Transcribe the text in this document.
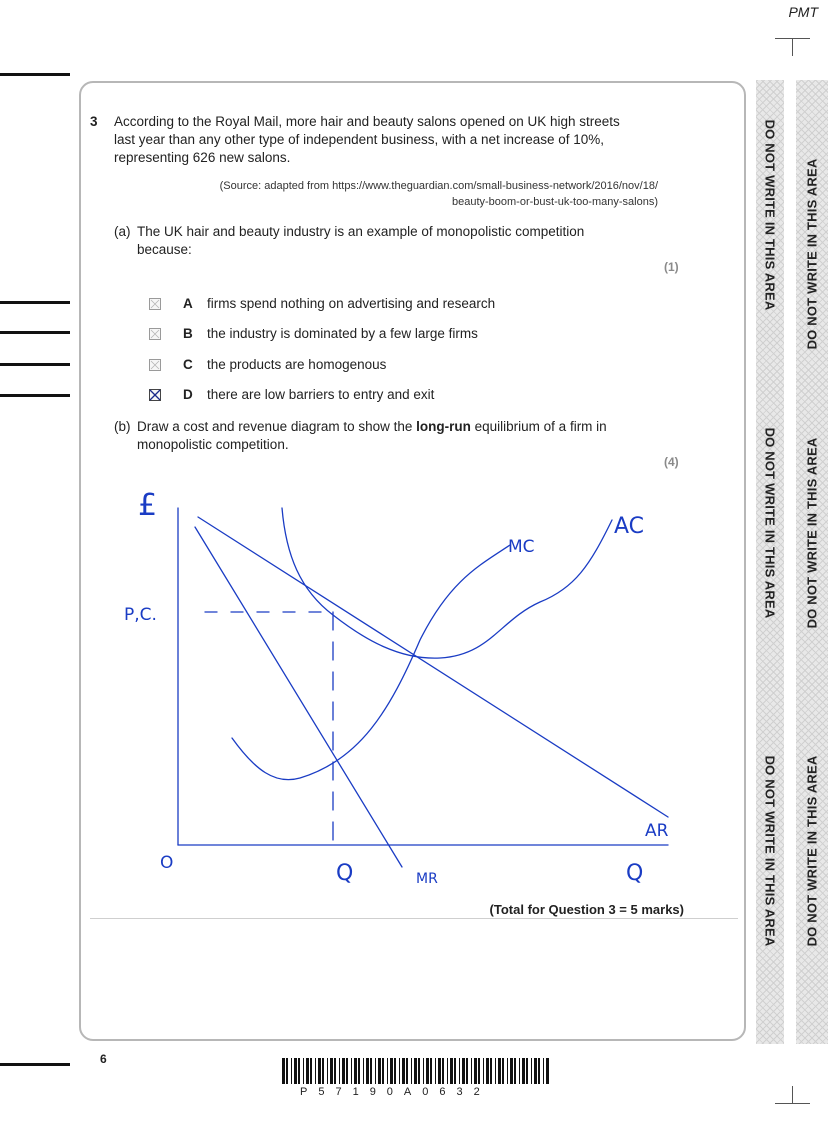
PMT
DO NOT WRITE IN THIS AREA
DO NOT WRITE IN THIS AREA
DO NOT WRITE IN THIS AREA
DO NOT WRITE IN THIS AREA
DO NOT WRITE IN THIS AREA
DO NOT WRITE IN THIS AREA
3 According to the Royal Mail, more hair and beauty salons opened on UK high streets
last year than any other type of independent business, with a net increase of 10%,
representing 626 new salons.
(Source: adapted from https://www.theguardian.com/small-business-network/2016/nov/18/
beauty-boom-or-bust-uk-too-many-salons)
(a) The UK hair and beauty industry is an example of monopolistic competition
because:
(1)
A firms spend nothing on advertising and research
B the industry is dominated by a few large firms
C the products are homogenous
D there are low barriers to entry and exit
(b) Draw a cost and revenue diagram to show the long-run equilibrium of a firm in
monopolistic competition.
(4)
£
P,C.
O	Q	Q
AC
MC
AR
MR
(Total for Question 3 = 5 marks)
6
P57190A0632
